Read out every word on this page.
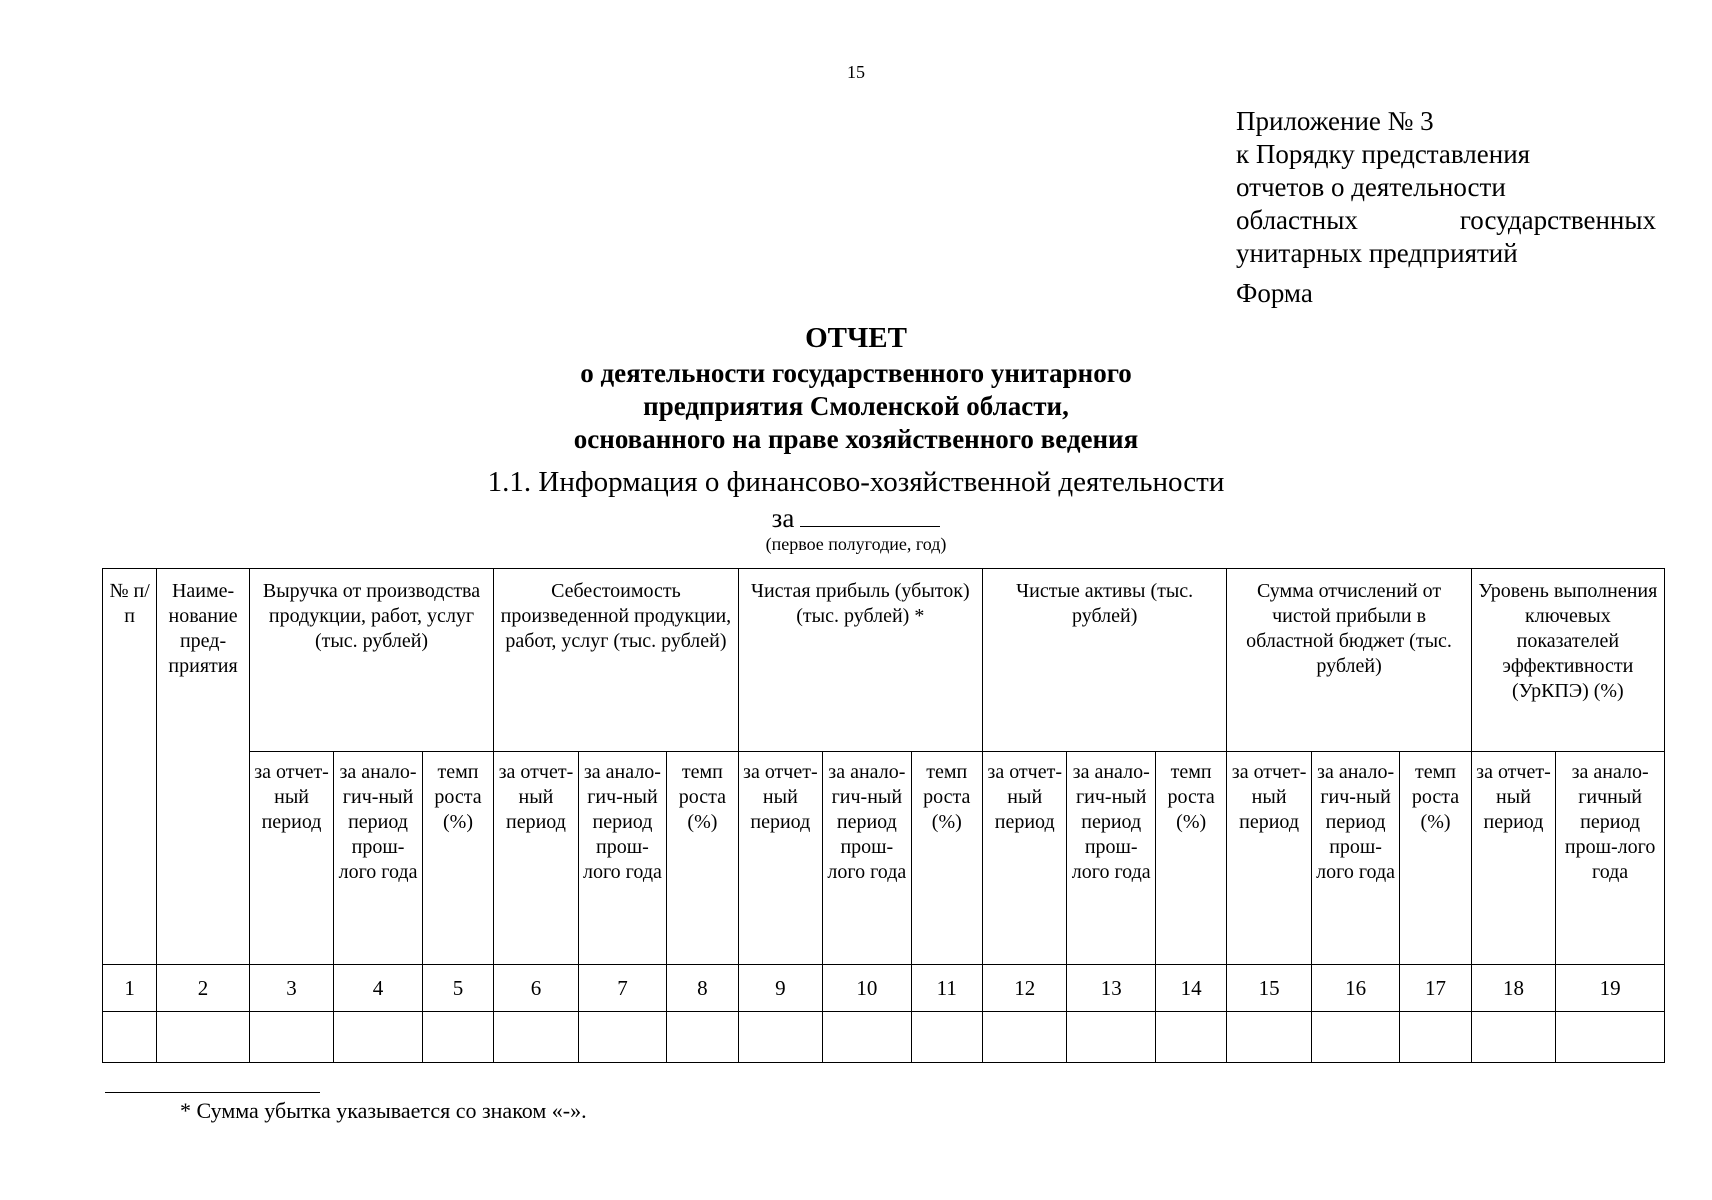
15
Приложение № 3
к Порядку представления
отчетов о деятельности
областных	государственных
унитарных предприятий
Форма
ОТЧЕТ
о деятельности государственного унитарного
предприятия Смоленской области,
основанного на праве хозяйственного ведения
1.1. Информация о финансово-хозяйственной деятельности
за
(первое полугодие, год)
№ п/п	Наиме-нование пред-приятия	Выручка от производства продукции, работ, услуг (тыс. рублей)			Себестоимость произведенной продукции, работ, услуг (тыс. рублей)			Чистая прибыль (убыток) (тыс. рублей) *			Чистые активы (тыс. рублей)			Сумма отчислений от чистой прибыли в областной бюджет (тыс. рублей)			Уровень выполнения ключевых показателей эффективности (УрКПЭ) (%)	
		за отчет-ный период	за анало-гич-ный период прош-лого года	темп роста (%)	за отчет-ный период	за анало-гич-ный период прош-лого года	темп роста (%)	за отчет-ный период	за анало-гич-ный период прош-лого года	темп роста (%)	за отчет-ный период	за анало-гич-ный период прош-лого года	темп роста (%)	за отчет-ный период	за анало-гич-ный период прош-лого года	темп роста (%)	за отчет-ный период	за анало-гичный период прош-лого года
1	2	3	4	5	6	7	8	9	10	11	12	13	14	15	16	17	18	19

* Сумма убытка указывается со знаком «-».
